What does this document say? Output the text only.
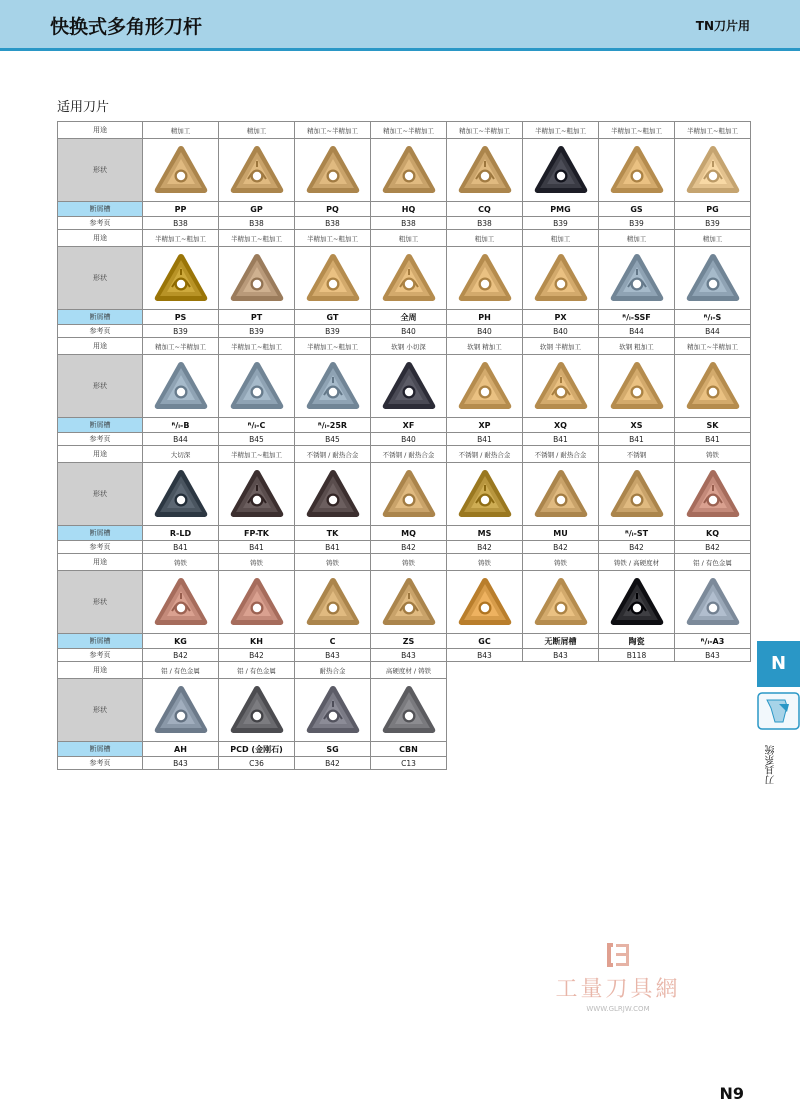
快换式多角形刀杆	TN刀片用
适用刀片
用途	精加工	精加工	精加工~半精加工	精加工~半精加工	精加工~半精加工	半精加工~粗加工	半精加工~粗加工	半精加工~粗加工
形状	

断屑槽	PP	GP	PQ	HQ	CQ	PMG	GS	PG
参考页	B38	B38	B38	B38	B38	B39	B39	B39
用途	半精加工~粗加工	半精加工~粗加工	半精加工~粗加工	粗加工	粗加工	粗加工	精加工	精加工
形状	

断屑槽	PS	PT	GT	全周	PH	PX	ᴿ/ₗ-SSF	ᴿ/ₗ-S
参考页	B39	B39	B39	B40	B40	B40	B44	B44
用途	精加工~半精加工	半精加工~粗加工	半精加工~粗加工	软钢 小切深	软钢 精加工	软钢 半精加工	软钢 粗加工	精加工~半精加工
形状	

断屑槽	ᴿ/ₗ-B	ᴿ/ₗ-C	ᴿ/ₗ-25R	XF	XP	XQ	XS	SK
参考页	B44	B45	B45	B40	B41	B41	B41	B41
用途	大切深	半精加工~粗加工	不锈钢 / 耐热合金	不锈钢 / 耐热合金	不锈钢 / 耐热合金	不锈钢 / 耐热合金	不锈钢	铸铁
形状	

断屑槽	R-LD	FP-TK	TK	MQ	MS	MU	ᴿ/ₗ-ST	KQ
参考页	B41	B41	B41	B42	B42	B42	B42	B42
用途	铸铁	铸铁	铸铁	铸铁	铸铁	铸铁	铸铁 / 高硬度材	铝 / 有色金属
形状	

断屑槽	KG	KH	C	ZS	GC	无断屑槽	陶瓷	ᴿ/ₗ-A3
参考页	B42	B42	B43	B43	B43	B43	B118	B43
用途	铝 / 有色金属	铝 / 有色金属	耐热合金	高硬度材 / 铸铁				
形状	

断屑槽	AH	PCD (金刚石)	SG	CBN				
参考页	B43	C36	B42	C13				
N
刀具系统
工量刀具網
WWW.GLRJW.COM
N9
